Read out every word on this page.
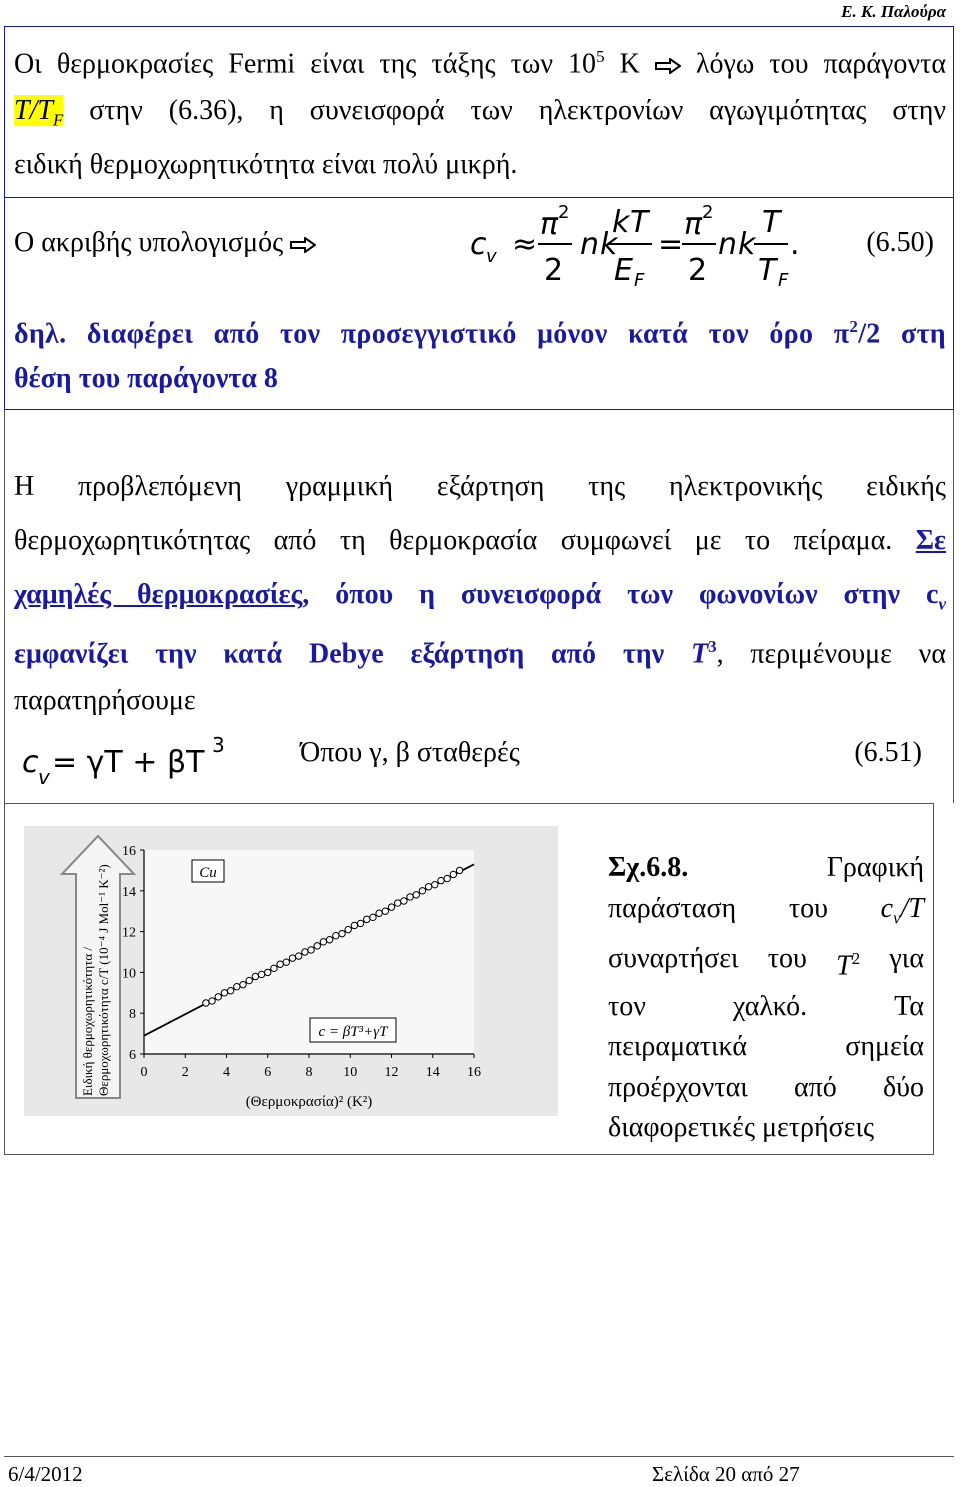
Ε. Κ. Παλούρα
Οι θερμοκρασίες Fermi είναι της τάξης των $10^5$ K  λόγω του παράγοντα
$T/T_F$ στην (6.36), η συνεισφορά των ηλεκτρονίων αγωγιμότητας στην
ειδική θερμοχωρητικότητα είναι πολύ μικρή.
Ο ακριβής υπολογισμός	c v ≈
π 2
2
n k
k T
E F
=
π 2
2
n k
T
T F
. (6.50)
δηλ. διαφέρει από τον προσεγγιστικό μόνον κατά τον όρο $\pi^2/2$ στη
θέση του παράγοντα 8
Η προβλεπόμενη γραμμική εξάρτηση της ηλεκτρονικής ειδικής
θερμοχωρητικότητας από τη θερμοκρασία συμφωνεί με το πείραμα. Σε
χαμηλές θερμοκρασίες, όπου η συνεισφορά των φωνονίων στην $c_v$
εμφανίζει την κατά Debye εξάρτηση από την $T^3$, περιμένουμε να
παρατηρήσουμε
c v = γT + βT 3	Όπου γ, β σταθερές	(6.51)
Ειδική θερμοχωρητικότητα / Θερμοχωρητικότητα c/T (10⁻⁴ J Mol⁻¹ K⁻²) 6
8
10
12
14
16
0 2 4 6 8 10 12 14 16
(Θερμοκρασία)² (K²)
Cu
c = βT³+γT
Σχ.6.8.	Γραφική
παράσταση του $c_v/T$
συναρτήσει του $T^2$ για
τον	χαλκό.	Τα
πειραματικά	σημεία
προέρχονται από δύο
διαφορετικές μετρήσεις
6/4/2012	Σελίδα 20 από 27
